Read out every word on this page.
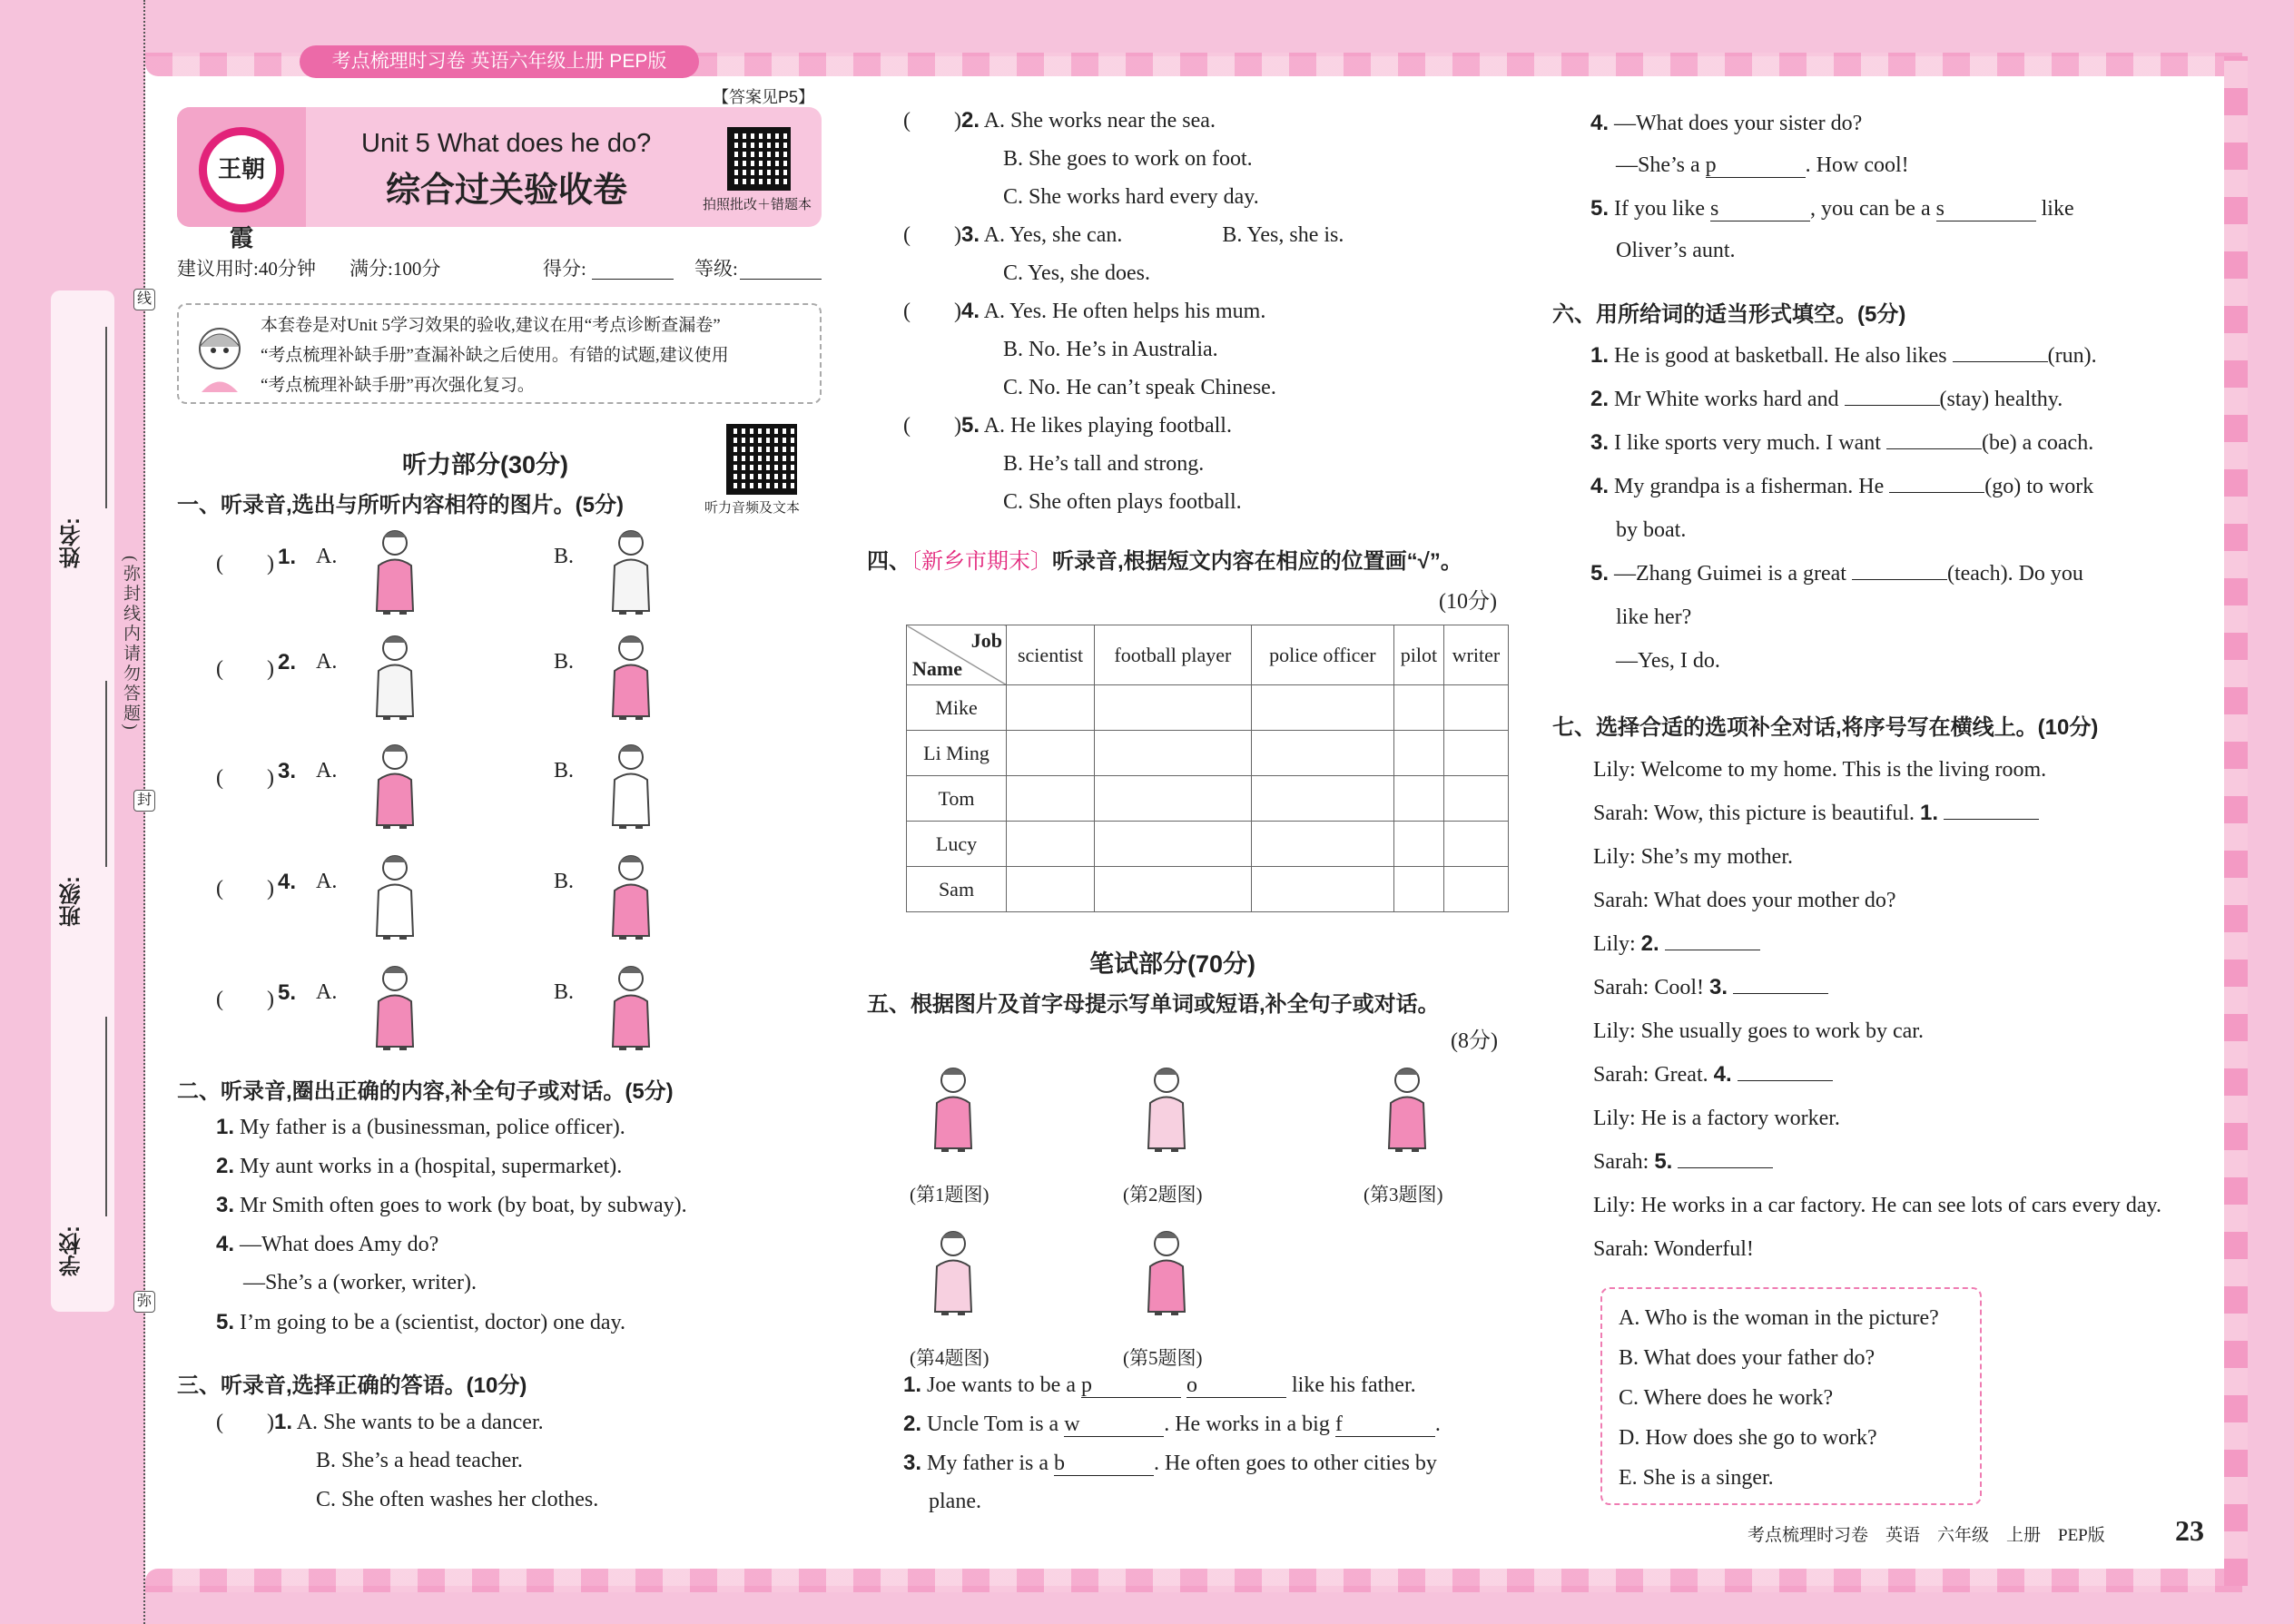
考点梳理时习卷 英语六年级上册 PEP版
姓名:
班级:
学校:
(弥封线内请勿答题)
线
封
弥
【答案见P5】
王朝霞
Unit 5 What does he do?
综合过关验收卷	拍照批改＋错题本
建议用时:40分钟 满分:100分	得分:	等级:
本套卷是对Unit 5学习效果的验收,建议在用“考点诊断查漏卷”
“考点梳理补缺手册”查漏补缺之后使用。有错的试题,建议使用
“考点梳理补缺手册”再次强化复习。
听力部分(30分)
听力音频及文本
一、听录音,选出与所听内容相符的图片。(5分)
(　　) 1. A.	B.
(　　) 2. A.	B.
(　　) 3. A.	B.
(　　) 4. A.	B.
(　　) 5. A.	B.
二、听录音,圈出正确的内容,补全句子或对话。(5分)
1. My father is a (businessman, police officer).
2. My aunt works in a (hospital, supermarket).
3. Mr Smith often goes to work (by boat, by subway).
4. —What does Amy do?
—She’s a (worker, writer).
5. I’m going to be a (scientist, doctor) one day.
三、听录音,选择正确的答语。(10分)
(　　)1. A. She wants to be a dancer.
B. She’s a head teacher.
C. She often washes her clothes.
(　　)2. A. She works near the sea.
B. She goes to work on foot.
C. She works hard every day.
(　　)3. A. Yes, she can.	B. Yes, she is.
C. Yes, she does.
(　　)4. A. Yes. He often helps his mum.
B. No. He’s in Australia.
C. No. He can’t speak Chinese.
(　　)5. A. He likes playing football.
B. He’s tall and strong.
C. She often plays football.
四、〔新乡市期末〕听录音,根据短文内容在相应的位置画“√”。
(10分)
Job
Name	scientist	football player	police officer	pilot	writer
Mike					
Li Ming					
Tom					
Lucy					
Sam					
笔试部分(70分)
五、根据图片及首字母提示写单词或短语,补全句子或对话。
(8分)
(第1题图)	(第2题图)	(第3题图)
(第4题图)	(第5题图)
1. Joe wants to be a p	o	like his father.
2. Uncle Tom is a w	. He works in a big f	.
3. My father is a b	. He often goes to other cities by
plane.
4. —What does your sister do?
—She’s a p	. How cool!
5. If you like s	, you can be a s	like
Oliver’s aunt.
六、用所给词的适当形式填空。(5分)
1. He is good at basketball. He also likes	(run).
2. Mr White works hard and	(stay) healthy.
3. I like sports very much. I want	(be) a coach.
4. My grandpa is a fisherman. He	(go) to work
by boat.
5. —Zhang Guimei is a great	(teach). Do you
like her?
—Yes, I do.
七、选择合适的选项补全对话,将序号写在横线上。(10分)
Lily: Welcome to my home. This is the living room.
Sarah: Wow, this picture is beautiful. 1.
Lily: She’s my mother.
Sarah: What does your mother do?
Lily: 2.
Sarah: Cool! 3.
Lily: She usually goes to work by car.
Sarah: Great. 4.
Lily: He is a factory worker.
Sarah: 5.
Lily: He works in a car factory. He can see lots of cars every day.
Sarah: Wonderful!
A. Who is the woman in the picture?
B. What does your father do?
C. Where does he work?
D. How does she go to work?
E. She is a singer.
考点梳理时习卷　英语　六年级　上册　PEP版 23
